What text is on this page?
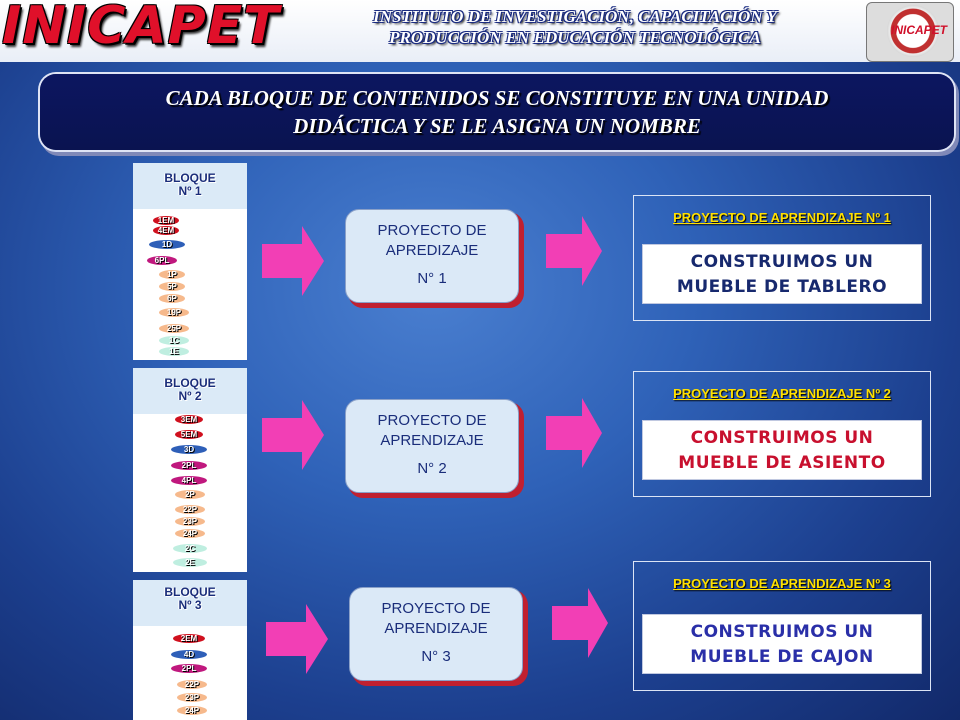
INICAPET	INSTITUTO DE INVESTIGACIÓN, CAPACITACIÓN Y
PRODUCCIÓN EN EDUCACIÓN TECNOLÓGICA	INICAPET
CADA BLOQUE DE CONTENIDOS SE CONSTITUYE EN UNA UNIDAD
DIDÁCTICA Y SE LE ASIGNA UN NOMBRE
BLOQUE
Nº 1
1EM
4EM
1D
6PL
1P
5P
6P
19P
25P
1C
1E
BLOQUE
Nº 2
3EM
5EM
3D
2PL
4PL
2P
22P
23P
24P
2C
2E
BLOQUE
Nº 3
2EM
4D
2PL
22P
23P
24P
PROYECTO DE
APREDIZAJE
N° 1
PROYECTO DE
APRENDIZAJE
N° 2
PROYECTO DE
APRENDIZAJE
N° 3
PROYECTO DE APRENDIZAJE Nº 1
CONSTRUIMOS UN
MUEBLE DE TABLERO
PROYECTO DE APRENDIZAJE Nº 2
CONSTRUIMOS UN
MUEBLE DE ASIENTO
PROYECTO DE APRENDIZAJE Nº 3
CONSTRUIMOS UN
MUEBLE DE CAJON
